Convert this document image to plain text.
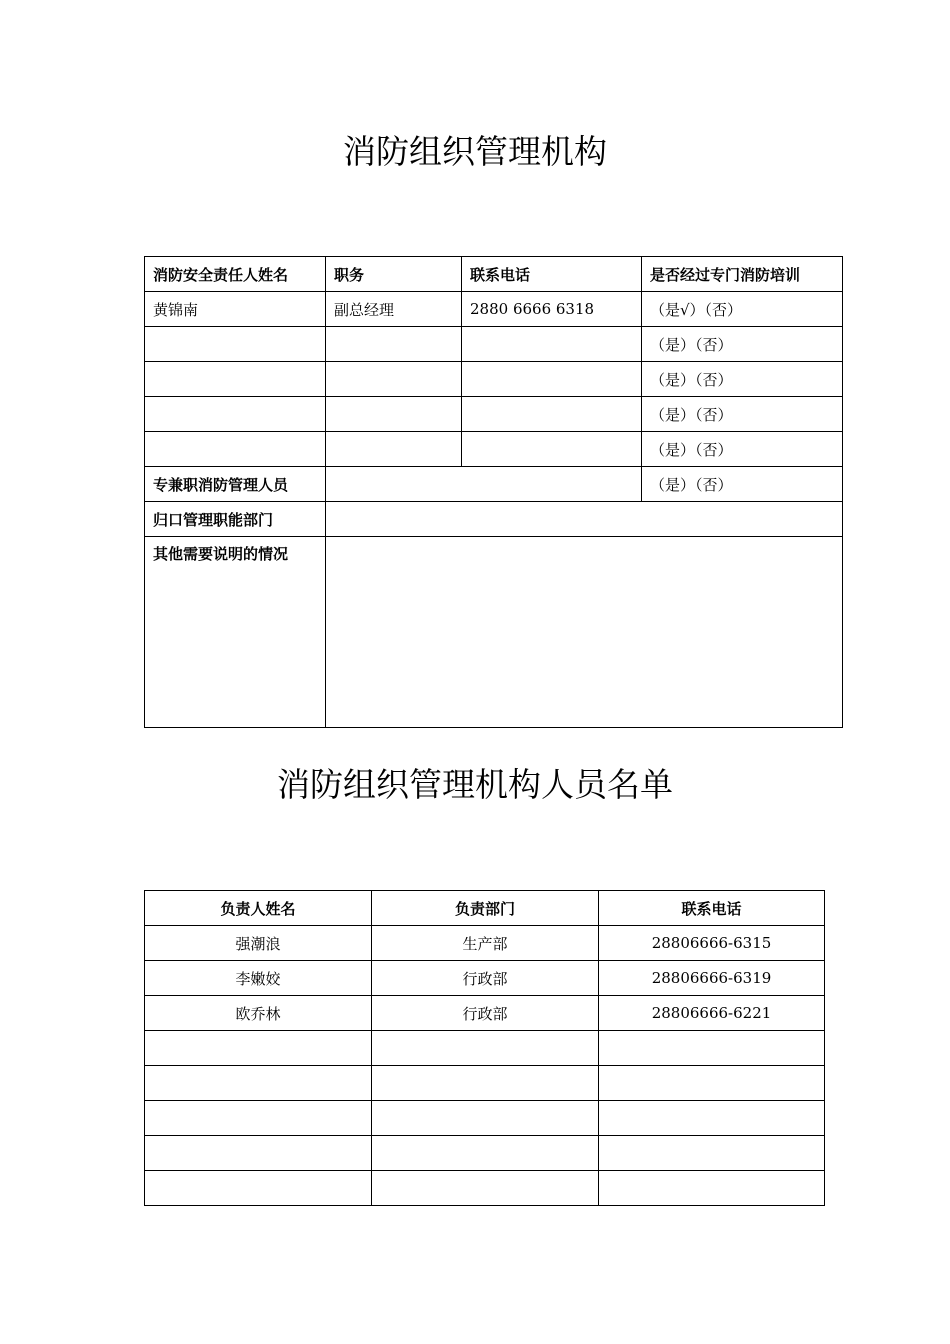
消防组织管理机构
消防安全责任人姓名	职务	联系电话	是否经过专门消防培训
黄锦南	副总经理	2880 6666 6318	（是√）（否）
			（是）（否）
			（是）（否）
			（是）（否）
			（是）（否）
专兼职消防管理人员			（是）（否）
归口管理职能部门			
其他需要说明的情况			
消防组织管理机构人员名单
负责人姓名	负责部门	联系电话
强潮浪	生产部	28806666-6315
李嫩姣	行政部	28806666-6319
欧乔林	行政部	28806666-6221
